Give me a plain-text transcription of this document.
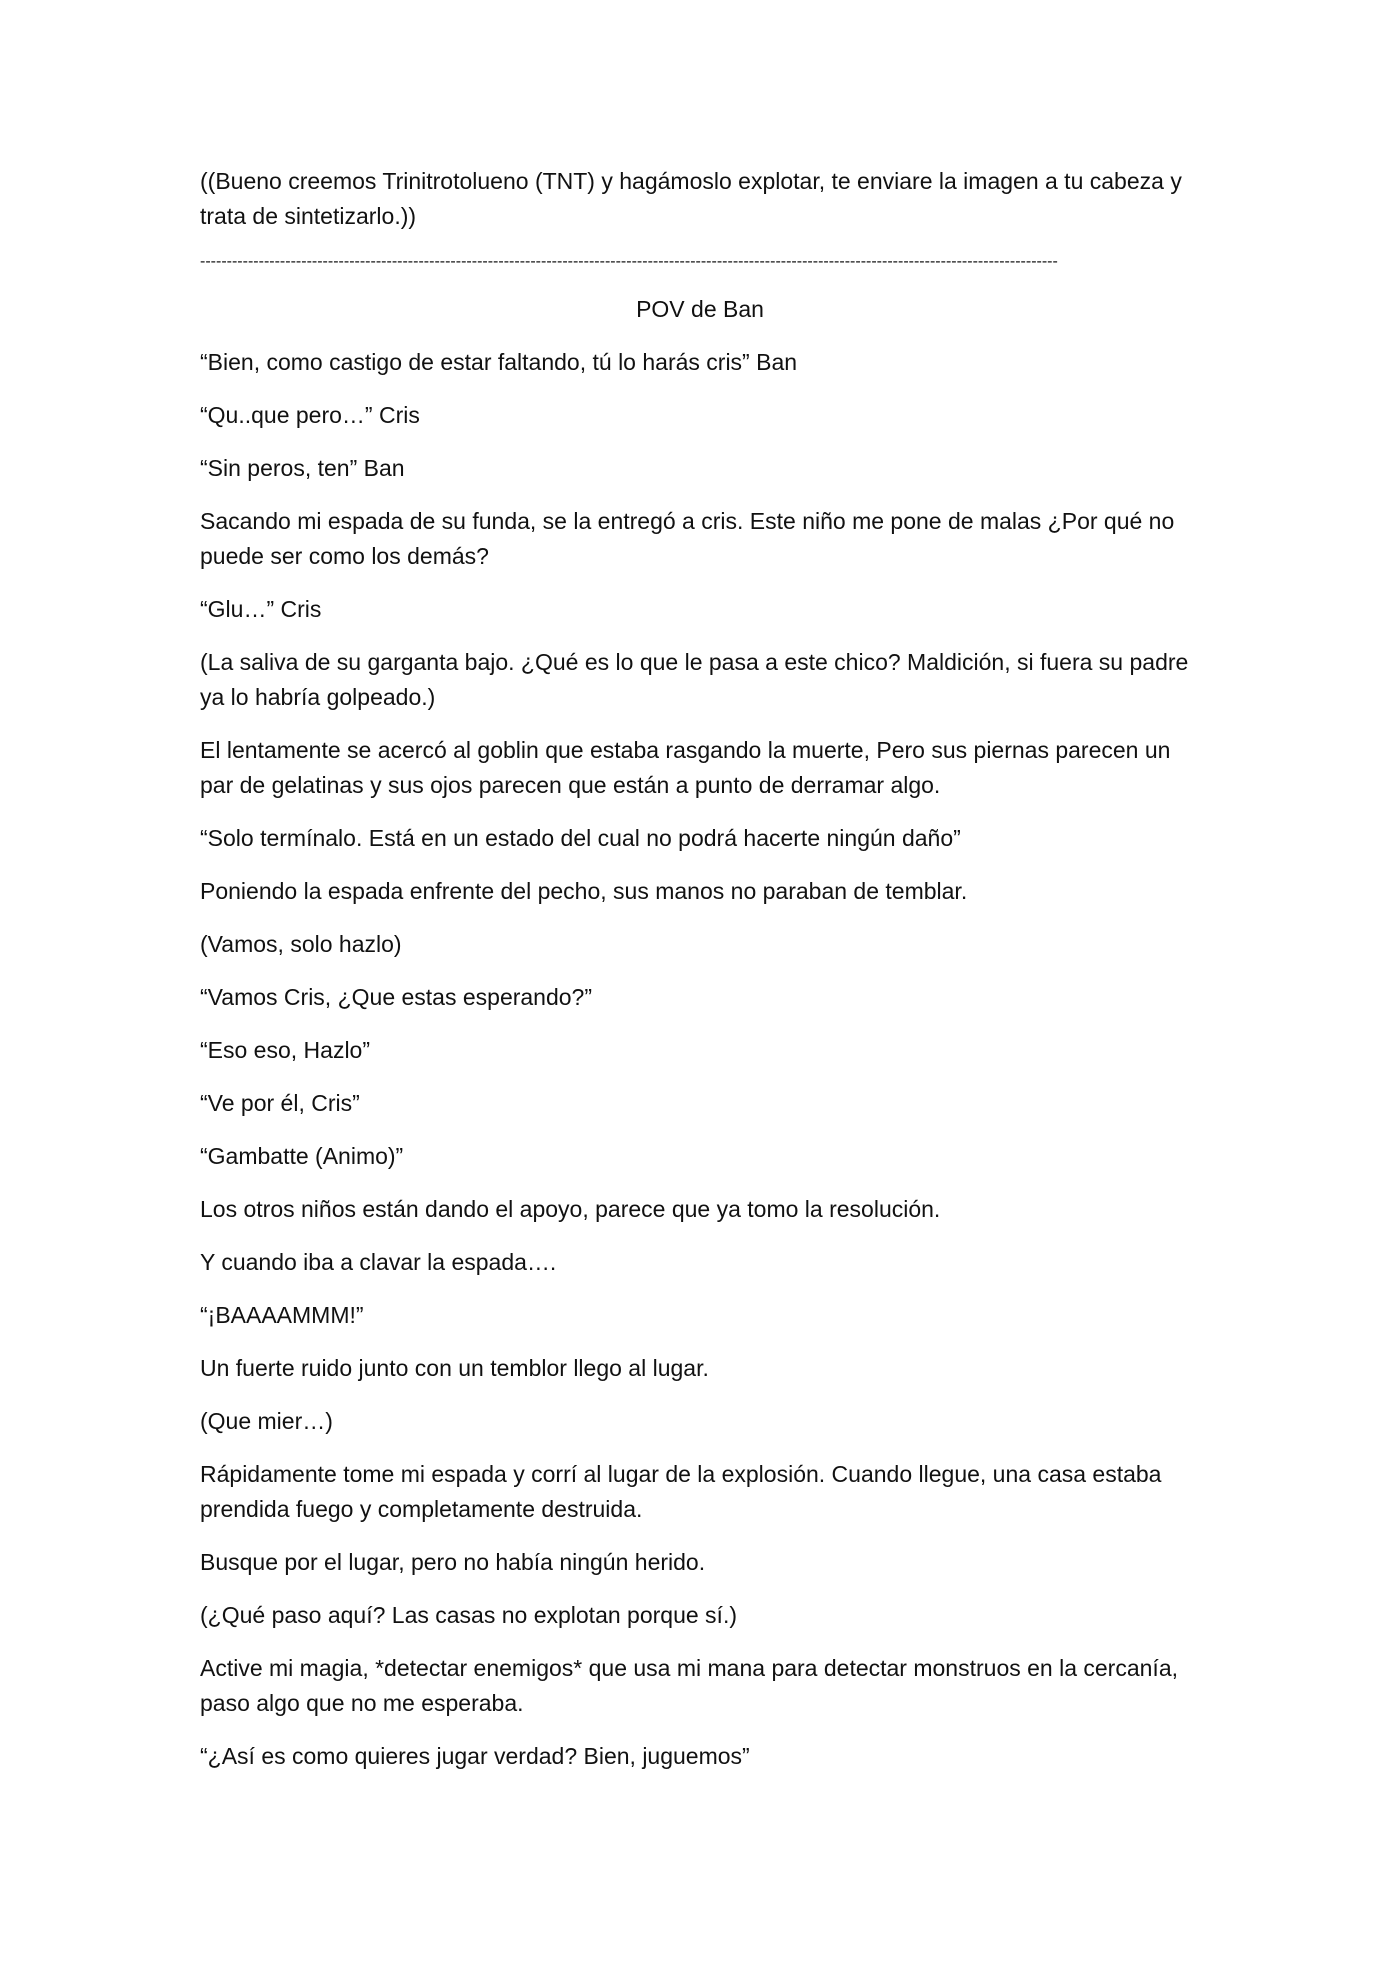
((Bueno creemos Trinitrotolueno (TNT) y hagámoslo explotar, te enviare la imagen a tu cabeza y trata de sintetizarlo.))

-----------------------------------------------------------------------------------------------------------------------------------------------------------------

POV de Ban

“Bien, como castigo de estar faltando, tú lo harás cris” Ban

“Qu..que pero…” Cris

“Sin peros, ten” Ban

Sacando mi espada de su funda, se la entregó a cris. Este niño me pone de malas ¿Por qué no puede ser como los demás?

“Glu…” Cris

(La saliva de su garganta bajo. ¿Qué es lo que le pasa a este chico? Maldición, si fuera su padre ya lo habría golpeado.)

El lentamente se acercó al goblin que estaba rasgando la muerte, Pero sus piernas parecen un par de gelatinas y sus ojos parecen que están a punto de derramar algo.

“Solo termínalo. Está en un estado del cual no podrá hacerte ningún daño”

Poniendo la espada enfrente del pecho, sus manos no paraban de temblar.

(Vamos, solo hazlo)

“Vamos Cris, ¿Que estas esperando?”

“Eso eso, Hazlo”

“Ve por él, Cris”

“Gambatte (Animo)”

Los otros niños están dando el apoyo, parece que ya tomo la resolución.

Y cuando iba a clavar la espada….

“¡BAAAAMMM!”

Un fuerte ruido junto con un temblor llego al lugar.

(Que mier…)

Rápidamente tome mi espada y corrí al lugar de la explosión. Cuando llegue, una casa estaba prendida fuego y completamente destruida.

Busque por el lugar, pero no había ningún herido.

(¿Qué paso aquí? Las casas no explotan porque sí.)

Active mi magia, *detectar enemigos* que usa mi mana para detectar monstruos en la cercanía, paso algo que no me esperaba.

“¿Así es como quieres jugar verdad? Bien, juguemos”
